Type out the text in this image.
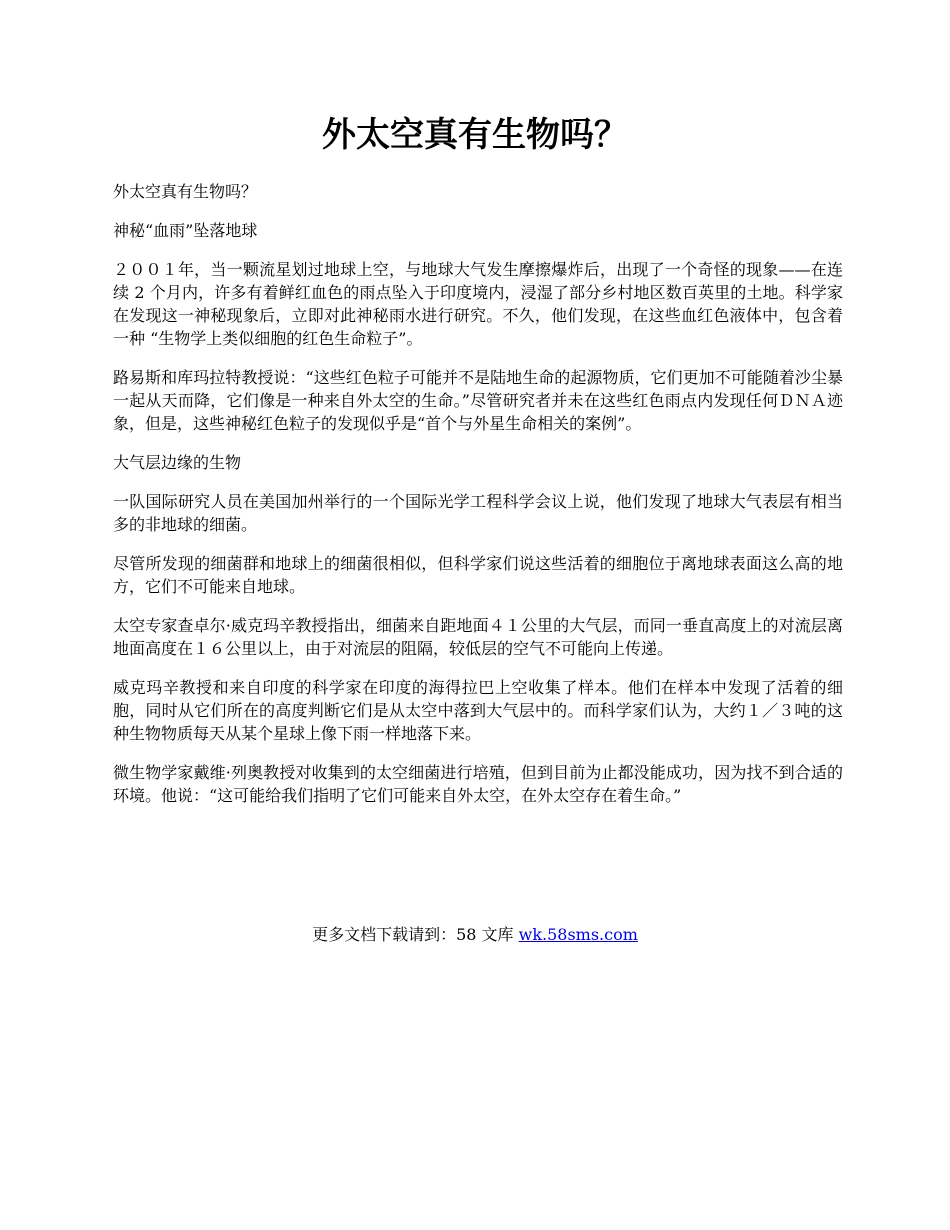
外太空真有生物吗？

外太空真有生物吗？

神秘“血雨”坠落地球

２００１年，当一颗流星划过地球上空，与地球大气发生摩擦爆炸后，出现了一个奇怪的现象——在连续 2 个月内，许多有着鲜红血色的雨点坠入于印度境内，浸湿了部分乡村地区数百英里的土地。科学家在发现这一神秘现象后，立即对此神秘雨水进行研究。不久，他们发现，在这些血红色液体中，包含着一种 “生物学上类似细胞的红色生命粒子”。

路易斯和库玛拉特教授说：“这些红色粒子可能并不是陆地生命的起源物质，它们更加不可能随着沙尘暴一起从天而降，它们像是一种来自外太空的生命。”尽管研究者并未在这些红色雨点内发现任何ＤＮＡ迹象，但是，这些神秘红色粒子的发现似乎是“首个与外星生命相关的案例”。

大气层边缘的生物

一队国际研究人员在美国加州举行的一个国际光学工程科学会议上说，他们发现了地球大气表层有相当多的非地球的细菌。

尽管所发现的细菌群和地球上的细菌很相似，但科学家们说这些活着的细胞位于离地球表面这么高的地方，它们不可能来自地球。

太空专家查卓尔·威克玛辛教授指出，细菌来自距地面４１公里的大气层，而同一垂直高度上的对流层离地面高度在１６公里以上，由于对流层的阻隔，较低层的空气不可能向上传递。

威克玛辛教授和来自印度的科学家在印度的海得拉巴上空收集了样本。他们在样本中发现了活着的细胞，同时从它们所在的高度判断它们是从太空中落到大气层中的。而科学家们认为，大约１／３吨的这种生物物质每天从某个星球上像下雨一样地落下来。

微生物学家戴维·列奥教授对收集到的太空细菌进行培殖，但到目前为止都没能成功，因为找不到合适的环境。他说：“这可能给我们指明了它们可能来自外太空，在外太空存在着生命。”

更多文档下载请到：58 文库 wk.58sms.com
